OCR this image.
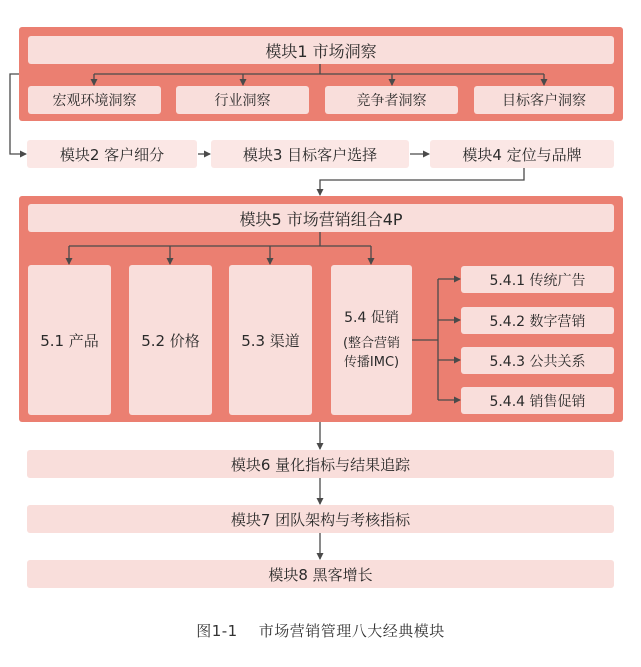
模块1 市场洞察
宏观环境洞察	行业洞察	竞争者洞察	目标客户洞察
模块2 客户细分	模块3 目标客户选择	模块4 定位与品牌
模块5 市场营销组合4P
5.1 产品	5.2 价格	5.3 渠道
5.4 促销
(整合营销
传播IMC)
5.4.1 传统广告
5.4.2 数字营销
5.4.3 公共关系
5.4.4 销售促销
模块6 量化指标与结果追踪
模块7 团队架构与考核指标
模块8 黑客增长
图1-1    市场营销管理八大经典模块
